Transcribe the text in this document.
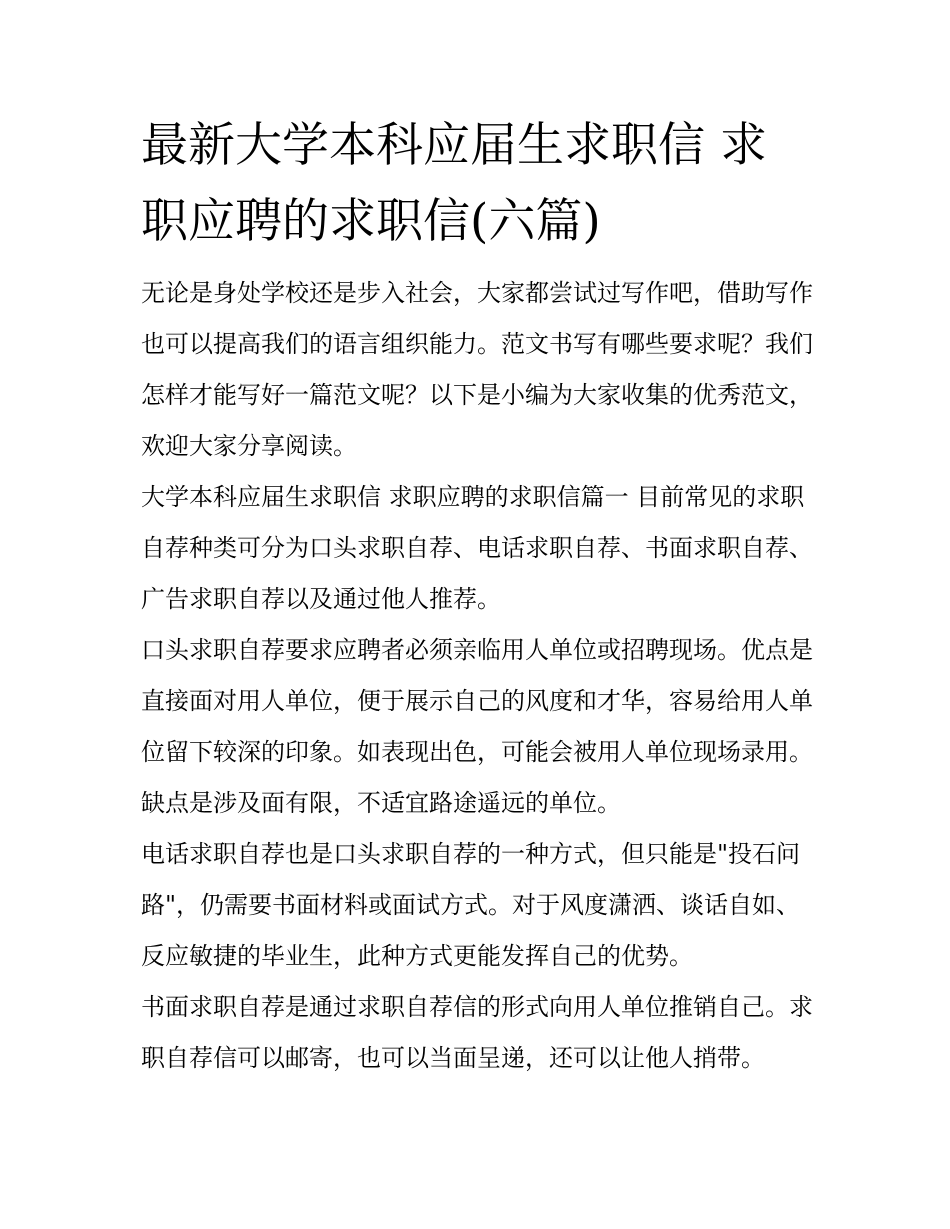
最新大学本科应届生求职信 求职应聘的求职信(六篇)

无论是身处学校还是步入社会，大家都尝试过写作吧，借助写作也可以提高我们的语言组织能力。范文书写有哪些要求呢？我们怎样才能写好一篇范文呢？以下是小编为大家收集的优秀范文，欢迎大家分享阅读。

大学本科应届生求职信 求职应聘的求职信篇一 目前常见的求职自荐种类可分为口头求职自荐、电话求职自荐、书面求职自荐、广告求职自荐以及通过他人推荐。

口头求职自荐要求应聘者必须亲临用人单位或招聘现场。优点是直接面对用人单位，便于展示自己的风度和才华，容易给用人单位留下较深的印象。如表现出色，可能会被用人单位现场录用。缺点是涉及面有限，不适宜路途遥远的单位。

电话求职自荐也是口头求职自荐的一种方式，但只能是"投石问路"，仍需要书面材料或面试方式。对于风度潇洒、谈话自如、反应敏捷的毕业生，此种方式更能发挥自己的优势。

书面求职自荐是通过求职自荐信的形式向用人单位推销自己。求职自荐信可以邮寄，也可以当面呈递，还可以让他人捎带。
